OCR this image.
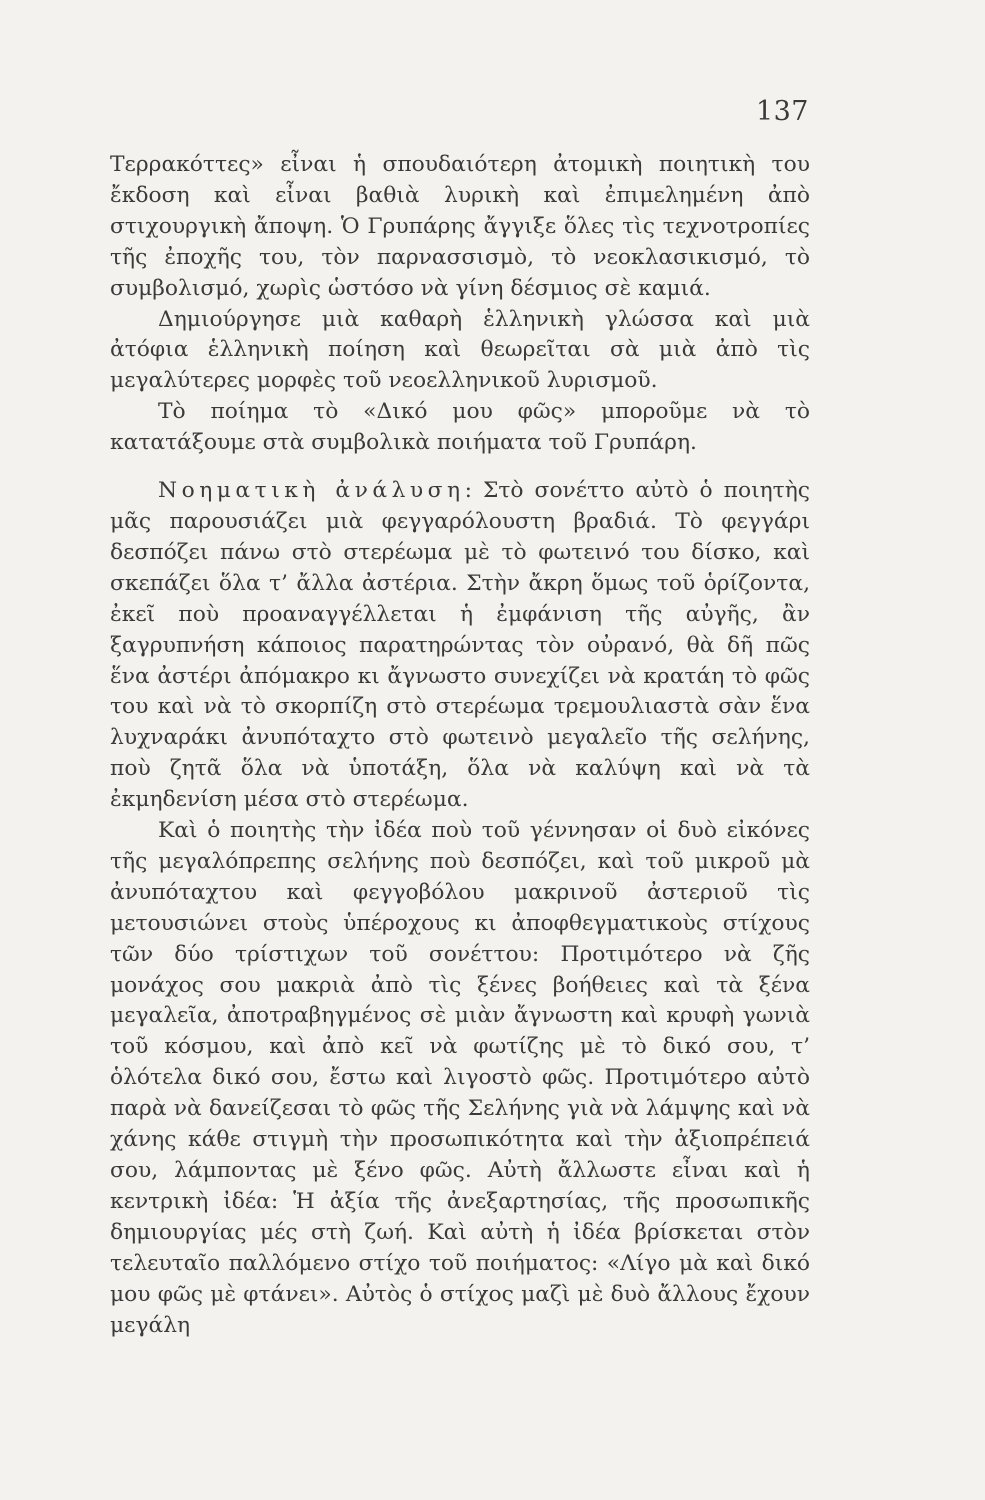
137

Τερρακόττες» εἶναι ἡ σπουδαιότερη ἀτομικὴ ποιητικὴ του ἔκδοση καὶ εἶναι βαθιὰ λυρικὴ καὶ ἐπιμελημένη ἀπὸ στιχουργικὴ ἄποψη. Ὁ Γρυπάρης ἄγγιξε ὅλες τὶς τεχνοτροπίες τῆς ἐποχῆς του, τὸν παρνασσισμὸ, τὸ νεοκλασικισμό, τὸ συμβολισμό, χωρὶς ὡστόσο νὰ γίνη δέσμιος σὲ καμιά.

Δημιούργησε μιὰ καθαρὴ ἑλληνικὴ γλώσσα καὶ μιὰ ἀτόφια ἑλληνικὴ ποίηση καὶ θεωρεῖται σὰ μιὰ ἀπὸ τὶς μεγαλύτερες μορφὲς τοῦ νεοελληνικοῦ λυρισμοῦ.

Τὸ ποίημα τὸ «Δικό μου φῶς» μποροῦμε νὰ τὸ κατατάξουμε στὰ συμβολικὰ ποιήματα τοῦ Γρυπάρη.

Νοηματικὴ ἀνάλυση: Στὸ σονέττο αὐτὸ ὁ ποιητὴς μᾶς παρουσιάζει μιὰ φεγγαρόλουστη βραδιά. Τὸ φεγγάρι δεσπόζει πάνω στὸ στερέωμα μὲ τὸ φωτεινό του δίσκο, καὶ σκεπάζει ὅλα τ’ ἄλλα ἀστέρια. Στὴν ἄκρη ὅμως τοῦ ὁρίζοντα, ἐκεῖ ποὺ προαναγγέλλεται ἡ ἐμφάνιση τῆς αὐγῆς, ἂν ξαγρυπνήση κάποιος παρατηρώντας τὸν οὐρανό, θὰ δῆ πῶς ἕνα ἀστέρι ἀπόμακρο κι ἄγνωστο συνεχίζει νὰ κρατάη τὸ φῶς του καὶ νὰ τὸ σκορπίζη στὸ στερέωμα τρεμουλιαστὰ σὰν ἕνα λυχναράκι ἀνυπόταχτο στὸ φωτεινὸ μεγαλεῖο τῆς σελήνης, ποὺ ζητᾶ ὅλα νὰ ὑποτάξη, ὅλα νὰ καλύψη καὶ νὰ τὰ ἐκμηδενίση μέσα στὸ στερέωμα.

Καὶ ὁ ποιητὴς τὴν ἰδέα ποὺ τοῦ γέννησαν οἱ δυὸ εἰκόνες τῆς μεγαλόπρεπης σελήνης ποὺ δεσπόζει, καὶ τοῦ μικροῦ μὰ ἀνυπόταχτου καὶ φεγγοβόλου μακρινοῦ ἀστεριοῦ τὶς μετουσιώνει στοὺς ὑπέροχους κι ἀποφθεγματικοὺς στίχους τῶν δύο τρίστιχων τοῦ σονέττου: Προτιμότερο νὰ ζῆς μονάχος σου μακριὰ ἀπὸ τὶς ξένες βοήθειες καὶ τὰ ξένα μεγαλεῖα, ἀποτραβηγμένος σὲ μιὰν ἄγνωστη καὶ κρυφὴ γωνιὰ τοῦ κόσμου, καὶ ἀπὸ κεῖ νὰ φωτίζης μὲ τὸ δικό σου, τ’ ὁλότελα δικό σου, ἔστω καὶ λιγοστὸ φῶς. Προτιμότερο αὐτὸ παρὰ νὰ δανείζεσαι τὸ φῶς τῆς Σελήνης γιὰ νὰ λάμψης καὶ νὰ χάνης κάθε στιγμὴ τὴν προσωπικότητα καὶ τὴν ἀξιοπρέπειά σου, λάμποντας μὲ ξένο φῶς. Αὐτὴ ἄλλωστε εἶναι καὶ ἡ κεντρικὴ ἰδέα: Ἡ ἀξία τῆς ἀνεξαρτησίας, τῆς προσωπικῆς δημιουργίας μές στὴ ζωή. Καὶ αὐτὴ ἡ ἰδέα βρίσκεται στὸν τελευταῖο παλλόμενο στίχο τοῦ ποιήματος: «Λίγο μὰ καὶ δικό μου φῶς μὲ φτάνει». Αὐτὸς ὁ στίχος μαζὶ μὲ δυὸ ἄλλους ἔχουν μεγάλη
